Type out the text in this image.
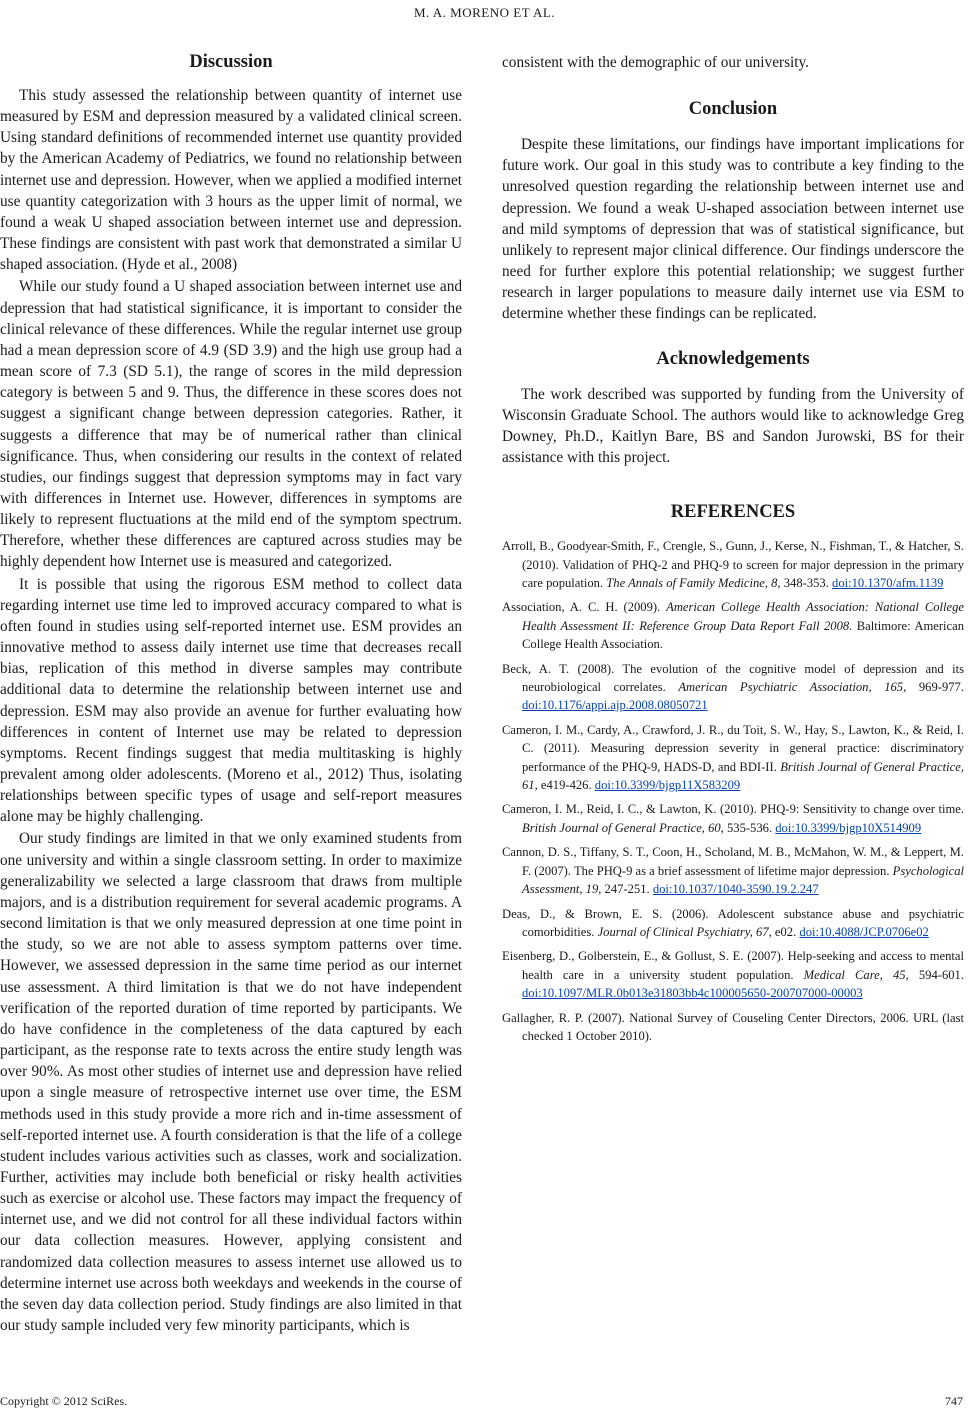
M. A. MORENO ET AL.
Discussion

This study assessed the relationship between quantity of internet use measured by ESM and depression measured by a validated clinical screen. Using standard definitions of recommended internet use quantity provided by the American Academy of Pediatrics, we found no relationship between internet use and depression. However, when we applied a modified internet use quantity categorization with 3 hours as the upper limit of normal, we found a weak U shaped association between internet use and depression. These findings are consistent with past work that demonstrated a similar U shaped association. (Hyde et al., 2008)

While our study found a U shaped association between internet use and depression that had statistical significance, it is important to consider the clinical relevance of these differences. While the regular internet use group had a mean depression score of 4.9 (SD 3.9) and the high use group had a mean score of 7.3 (SD 5.1), the range of scores in the mild depression category is between 5 and 9. Thus, the difference in these scores does not suggest a significant change between depression categories. Rather, it suggests a difference that may be of numerical rather than clinical significance. Thus, when considering our results in the context of related studies, our findings suggest that depression symptoms may in fact vary with differences in Internet use. However, differences in symptoms are likely to represent fluctuations at the mild end of the symptom spectrum. Therefore, whether these differences are captured across studies may be highly dependent how Internet use is measured and categorized.

It is possible that using the rigorous ESM method to collect data regarding internet use time led to improved accuracy compared to what is often found in studies using self-reported internet use. ESM provides an innovative method to assess daily internet use time that decreases recall bias, replication of this method in diverse samples may contribute additional data to determine the relationship between internet use and depression. ESM may also provide an avenue for further evaluating how differences in content of Internet use may be related to depression symptoms. Recent findings suggest that media multitasking is highly prevalent among older adolescents. (Moreno et al., 2012) Thus, isolating relationships between specific types of usage and self-report measures alone may be highly challenging.

Our study findings are limited in that we only examined students from one university and within a single classroom setting. In order to maximize generalizability we selected a large classroom that draws from multiple majors, and is a distribution requirement for several academic programs. A second limitation is that we only measured depression at one time point in the study, so we are not able to assess symptom patterns over time. However, we assessed depression in the same time period as our internet use assessment. A third limitation is that we do not have independent verification of the reported duration of time reported by participants. We do have confidence in the completeness of the data captured by each participant, as the response rate to texts across the entire study length was over 90%. As most other studies of internet use and depression have relied upon a single measure of retrospective internet use over time, the ESM methods used in this study provide a more rich and in-time assessment of self-reported internet use. A fourth consideration is that the life of a college student includes various activities such as classes, work and socialization. Further, activities may include both beneficial or risky health activities such as exercise or alcohol use. These factors may impact the frequency of internet use, and we did not control for all these individual factors within our data collection measures. However, applying consistent and randomized data collection measures to assess internet use allowed us to determine internet use across both weekdays and weekends in the course of the seven day data collection period. Study findings are also limited in that our study sample included very few minority participants, which is

consistent with the demographic of our university.

Conclusion

Despite these limitations, our findings have important implications for future work. Our goal in this study was to contribute a key finding to the unresolved question regarding the relationship between internet use and depression. We found a weak U-shaped association between internet use and mild symptoms of depression that was of statistical significance, but unlikely to represent major clinical difference. Our findings underscore the need for further explore this potential relationship; we suggest further research in larger populations to measure daily internet use via ESM to determine whether these findings can be replicated.

Acknowledgements

The work described was supported by funding from the University of Wisconsin Graduate School. The authors would like to acknowledge Greg Downey, Ph.D., Kaitlyn Bare, BS and Sandon Jurowski, BS for their assistance with this project.

REFERENCES
Arroll, B., Goodyear-Smith, F., Crengle, S., Gunn, J., Kerse, N., Fishman, T., & Hatcher, S. (2010). Validation of PHQ-2 and PHQ-9 to screen for major depression in the primary care population. The Annals of Family Medicine, 8, 348-353. doi:10.1370/afm.1139
Association, A. C. H. (2009). American College Health Association: National College Health Assessment II: Reference Group Data Report Fall 2008. Baltimore: American College Health Association.
Beck, A. T. (2008). The evolution of the cognitive model of depression and its neurobiological correlates. American Psychiatric Association, 165, 969-977. doi:10.1176/appi.ajp.2008.08050721
Cameron, I. M., Cardy, A., Crawford, J. R., du Toit, S. W., Hay, S., Lawton, K., & Reid, I. C. (2011). Measuring depression severity in general practice: discriminatory performance of the PHQ-9, HADS-D, and BDI-II. British Journal of General Practice, 61, e419-426. doi:10.3399/bjgp11X583209
Cameron, I. M., Reid, I. C., & Lawton, K. (2010). PHQ-9: Sensitivity to change over time. British Journal of General Practice, 60, 535-536. doi:10.3399/bjgp10X514909
Cannon, D. S., Tiffany, S. T., Coon, H., Scholand, M. B., McMahon, W. M., & Leppert, M. F. (2007). The PHQ-9 as a brief assessment of lifetime major depression. Psychological Assessment, 19, 247-251. doi:10.1037/1040-3590.19.2.247
Deas, D., & Brown, E. S. (2006). Adolescent substance abuse and psychiatric comorbidities. Journal of Clinical Psychiatry, 67, e02. doi:10.4088/JCP.0706e02
Eisenberg, D., Golberstein, E., & Gollust, S. E. (2007). Help-seeking and access to mental health care in a university student population. Medical Care, 45, 594-601. doi:10.1097/MLR.0b013e31803bb4c100005650-200707000-00003
Gallagher, R. P. (2007). National Survey of Couseling Center Directors, 2006. URL (last checked 1 October 2010).
Copyright © 2012 SciRes.	747
